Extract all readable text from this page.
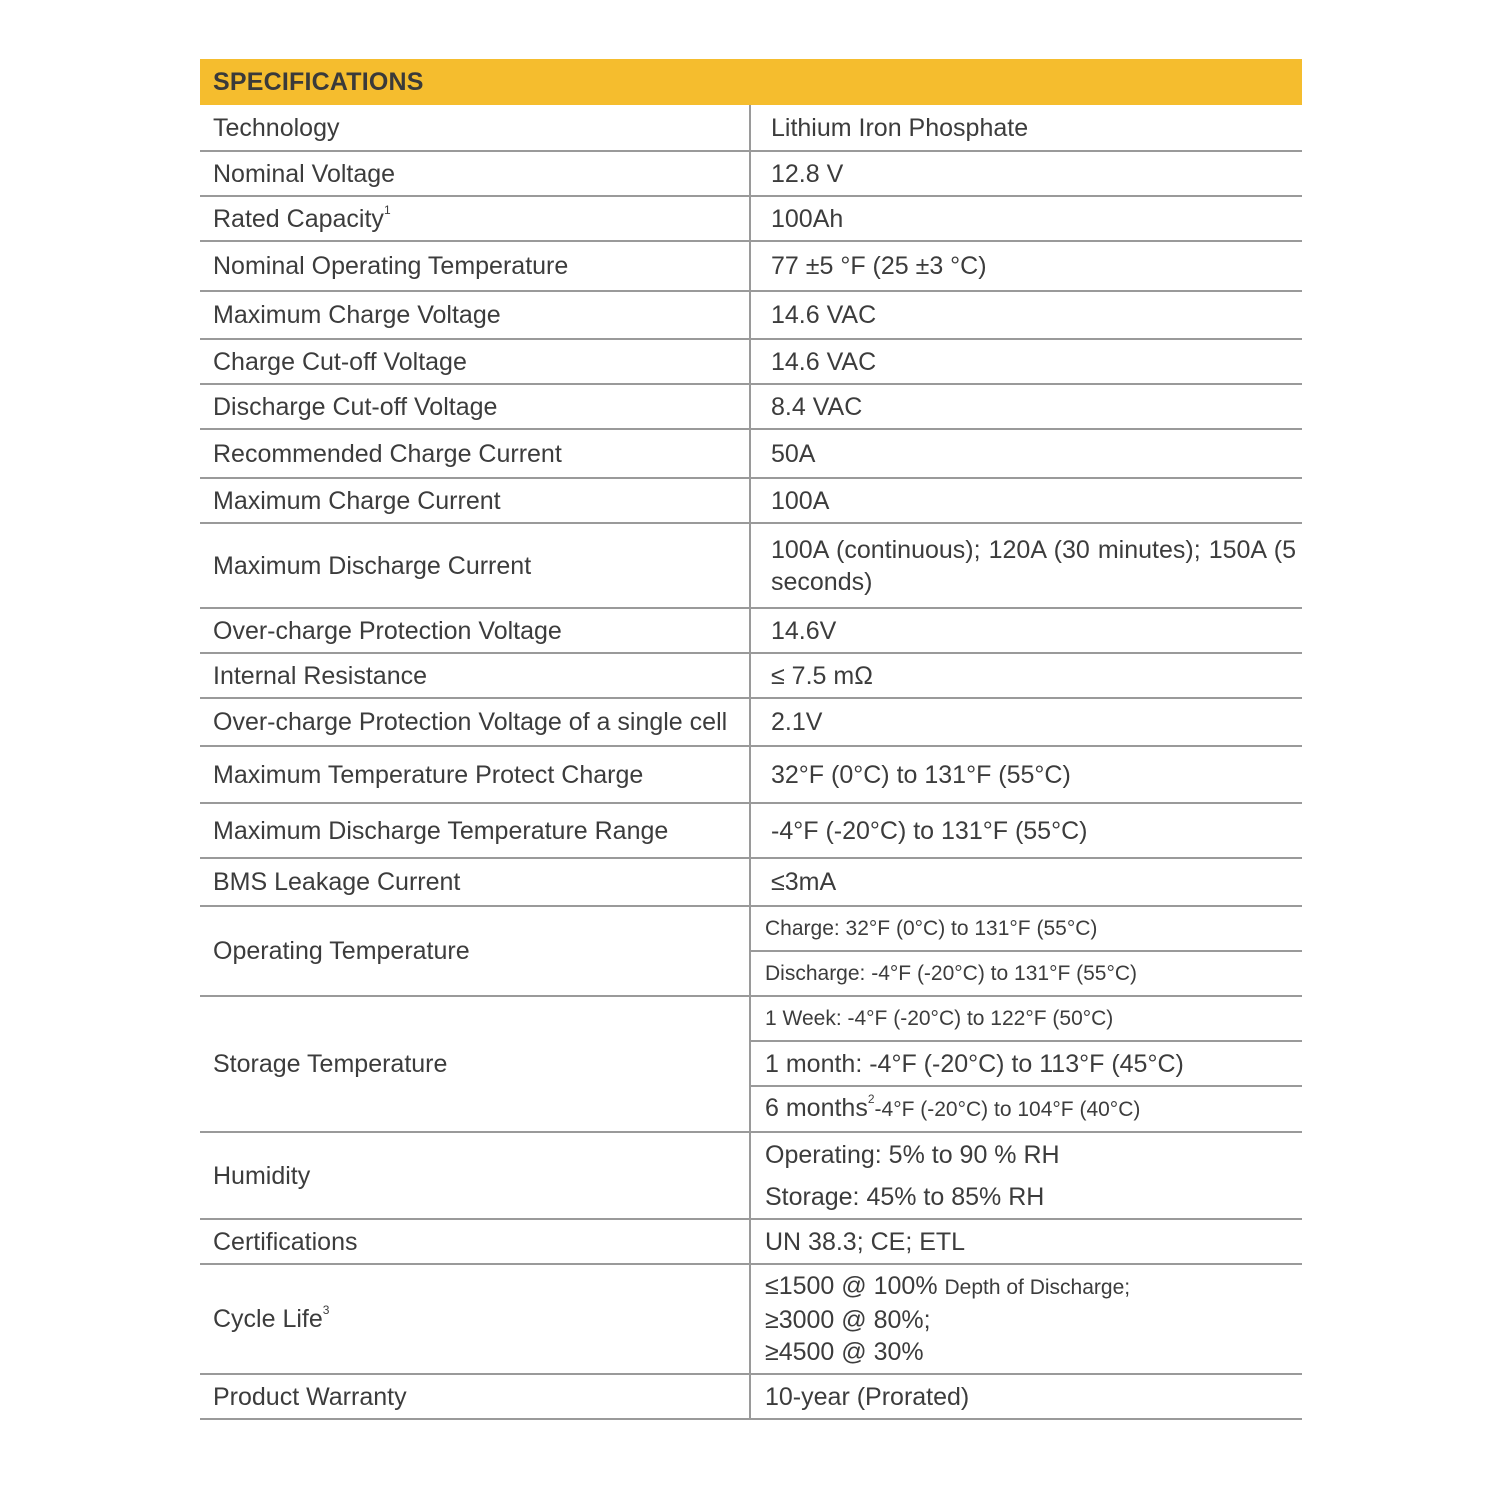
SPECIFICATIONS
Technology	Lithium Iron Phosphate
Nominal Voltage	12.8 V
Rated Capacity$^1$	100Ah
Nominal Operating Temperature	77 ±5 °F (25 ±3 °C)
Maximum Charge Voltage	14.6 VAC
Charge Cut-off Voltage	14.6 VAC
Discharge Cut-off Voltage	8.4 VAC
Recommended Charge Current	50A
Maximum Charge Current	100A
Maximum Discharge Current	100A (continuous); 120A (30 minutes); 150A (5 seconds)
Over-charge Protection Voltage	14.6V
Internal Resistance	≤ 7.5 mΩ
Over-charge Protection Voltage of a single cell	2.1V
Maximum Temperature Protect Charge	32°F (0°C) to 131°F (55°C)
Maximum Discharge Temperature Range	-4°F (-20°C) to 131°F (55°C)
BMS Leakage Current	≤3mA
Operating Temperature	Charge: 32°F (0°C) to 131°F (55°C)
	Discharge: -4°F (-20°C) to 131°F (55°C)
Storage Temperature	1 Week: -4°F (-20°C) to 122°F (50°C)
	1 month: -4°F (-20°C) to 113°F (45°C)
	6 months$^2$-4°F (-20°C) to 104°F (40°C)
Humidity	Operating: 5% to 90 % RH
Storage: 45% to 85% RH

Certifications	UN 38.3; CE; ETL
Cycle Life$^3$	≤1500 @ 100% Depth of Discharge;
≥3000 @ 80%;
≥4500 @ 30%

Product Warranty	10-year (Prorated)
